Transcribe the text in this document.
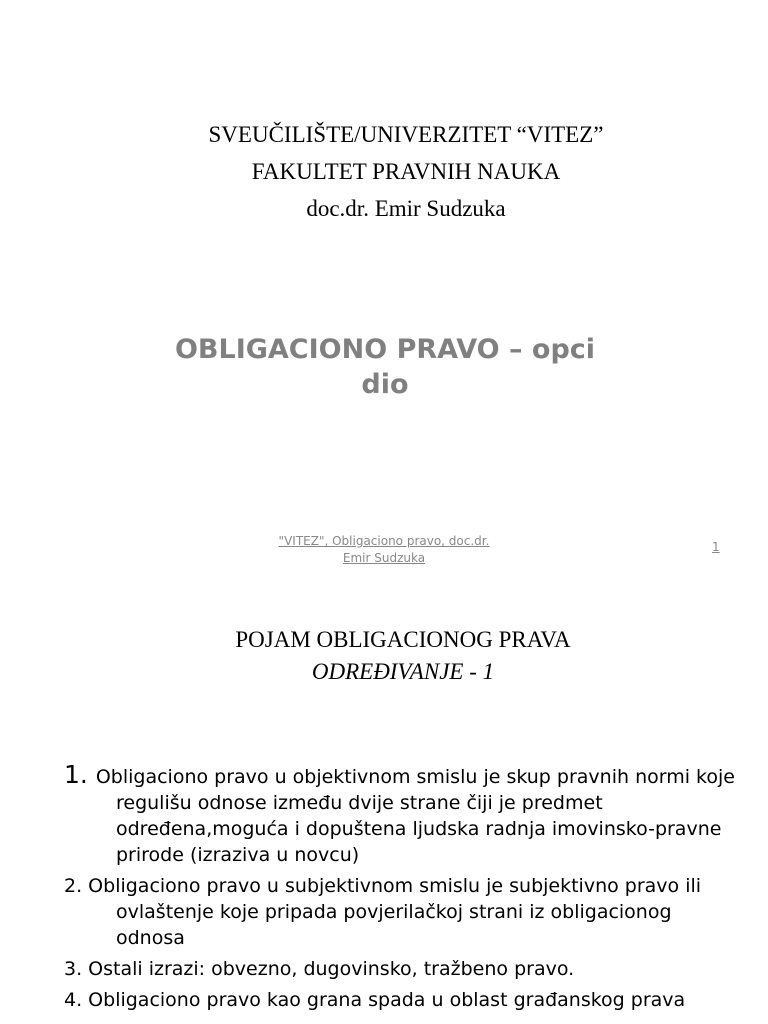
SVEUČILIŠTE/UNIVERZITET “VITEZ”
FAKULTET PRAVNIH NAUKA
doc.dr. Emir Sudzuka
OBLIGACIONO PRAVO – opci
dio
"VITEZ", Obligaciono pravo, doc.dr.
Emir Sudzuka
1
POJAM OBLIGACIONOG PRAVA
ODREĐIVANJE - 1
1. Obligaciono pravo u objektivnom smislu je skup pravnih normi koje regulišu odnose između dvije strane čiji je predmet određena,moguća i dopuštena ljudska radnja imovinsko-pravne prirode (izraziva u novcu)
2. Obligaciono pravo u subjektivnom smislu je subjektivno pravo ili ovlaštenje koje pripada povjerilačkoj strani iz obligacionog odnosa
3. Ostali izrazi: obvezno, dugovinsko, tražbeno pravo.
4. Obligaciono pravo kao grana spada u oblast građanskog prava
